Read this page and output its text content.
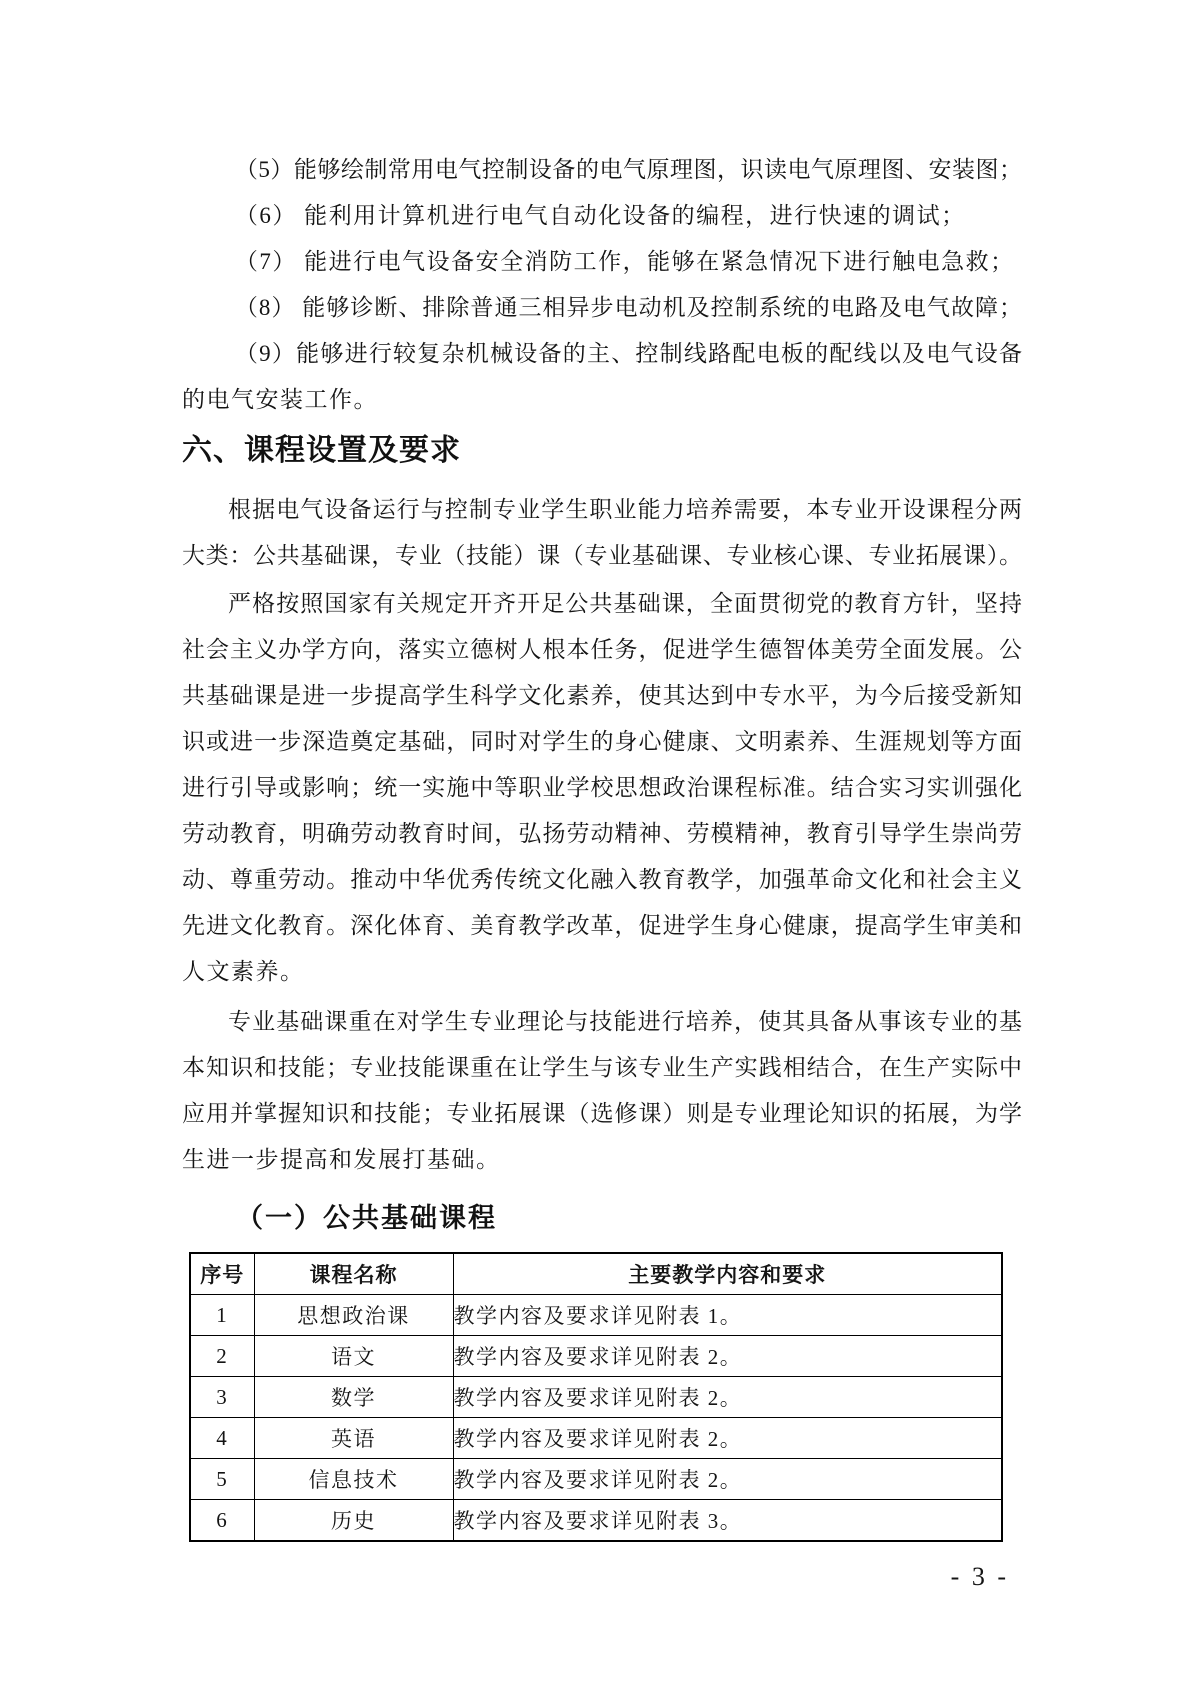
（5）能够绘制常用电气控制设备的电气原理图，识读电气原理图、安装图；
（6） 能利用计算机进行电气自动化设备的编程，进行快速的调试；
（7） 能进行电气设备安全消防工作，能够在紧急情况下进行触电急救；
（8） 能够诊断、排除普通三相异步电动机及控制系统的电路及电气故障；
（9）能够进行较复杂机械设备的主、控制线路配电板的配线以及电气设备
的电气安装工作。
六、课程设置及要求
根据电气设备运行与控制专业学生职业能力培养需要，本专业开设课程分两
大类：公共基础课，专业（技能）课（专业基础课、专业核心课、专业拓展课）。
严格按照国家有关规定开齐开足公共基础课，全面贯彻党的教育方针，坚持
社会主义办学方向，落实立德树人根本任务，促进学生德智体美劳全面发展。公
共基础课是进一步提高学生科学文化素养，使其达到中专水平，为今后接受新知
识或进一步深造奠定基础，同时对学生的身心健康、文明素养、生涯规划等方面
进行引导或影响；统一实施中等职业学校思想政治课程标准。结合实习实训强化
劳动教育，明确劳动教育时间，弘扬劳动精神、劳模精神，教育引导学生崇尚劳
动、尊重劳动。推动中华优秀传统文化融入教育教学，加强革命文化和社会主义
先进文化教育。深化体育、美育教学改革，促进学生身心健康，提高学生审美和
人文素养。
专业基础课重在对学生专业理论与技能进行培养，使其具备从事该专业的基
本知识和技能；专业技能课重在让学生与该专业生产实践相结合，在生产实际中
应用并掌握知识和技能；专业拓展课（选修课）则是专业理论知识的拓展，为学
生进一步提高和发展打基础。
（一）公共基础课程
序号	课程名称	主要教学内容和要求
1	思想政治课	教学内容及要求详见附表 1。
2	语文	教学内容及要求详见附表 2。
3	数学	教学内容及要求详见附表 2。
4	英语	教学内容及要求详见附表 2。
5	信息技术	教学内容及要求详见附表 2。
6	历史	教学内容及要求详见附表 3。
- 3 -
